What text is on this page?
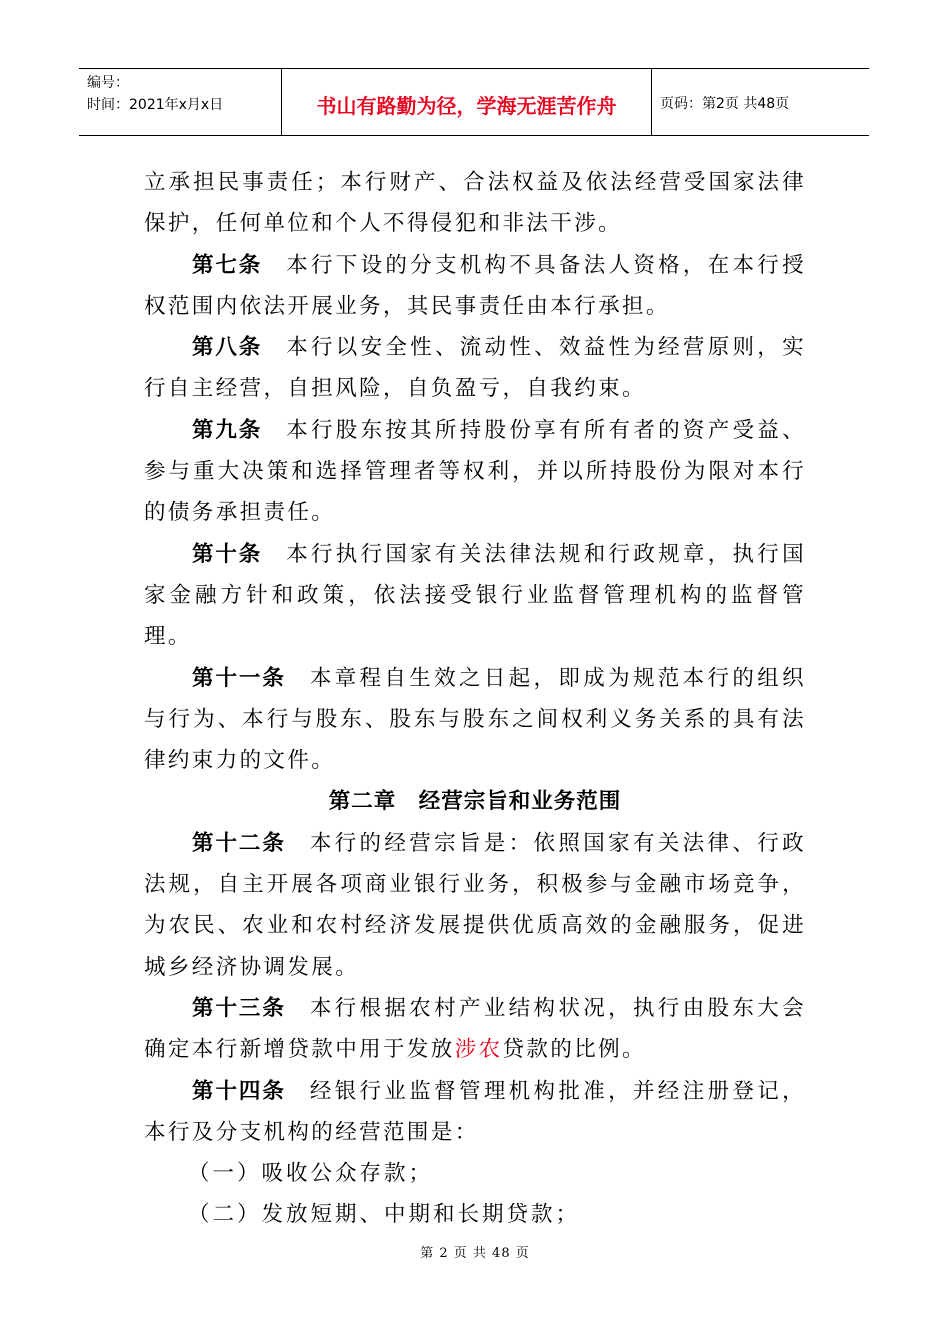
编号：
时间：2021年x月x日	书山有路勤为径，学海无涯苦作舟	页码：第2页 共48页

立承担民事责任；本行财产、合法权益及依法经营受国家法律保护，任何单位和个人不得侵犯和非法干涉。

第七条 本行下设的分支机构不具备法人资格，在本行授权范围内依法开展业务，其民事责任由本行承担。

第八条 本行以安全性、流动性、效益性为经营原则，实行自主经营，自担风险，自负盈亏，自我约束。

第九条 本行股东按其所持股份享有所有者的资产受益、参与重大决策和选择管理者等权利，并以所持股份为限对本行的债务承担责任。

第十条 本行执行国家有关法律法规和行政规章，执行国家金融方针和政策，依法接受银行业监督管理机构的监督管理。

第十一条 本章程自生效之日起，即成为规范本行的组织与行为、本行与股东、股东与股东之间权利义务关系的具有法律约束力的文件。

第二章　经营宗旨和业务范围

第十二条 本行的经营宗旨是：依照国家有关法律、行政法规，自主开展各项商业银行业务，积极参与金融市场竞争，为农民、农业和农村经济发展提供优质高效的金融服务，促进城乡经济协调发展。

第十三条 本行根据农村产业结构状况，执行由股东大会确定本行新增贷款中用于发放涉农贷款的比例。

第十四条 经银行业监督管理机构批准，并经注册登记，本行及分支机构的经营范围是：

（一）吸收公众存款；

（二）发放短期、中期和长期贷款；

第 2 页 共 48 页
